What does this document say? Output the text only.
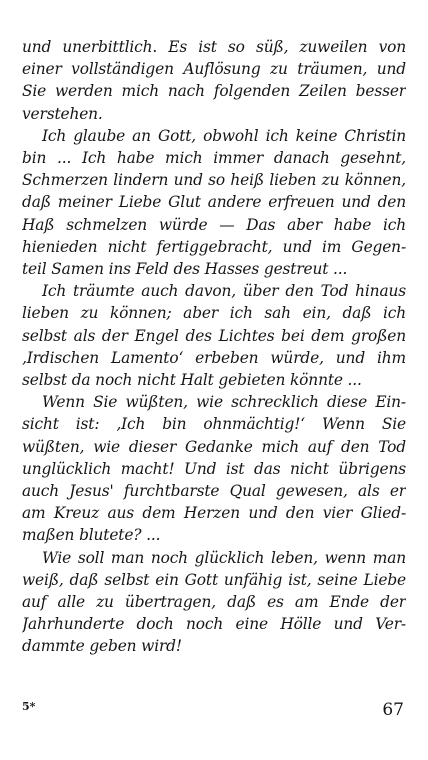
und unerbittlich. Es ist so süß, zuweilen von
einer vollständigen Auflösung zu träumen, und
Sie werden mich nach folgenden Zeilen besser
verstehen.

Ich glaube an Gott, obwohl ich keine Christin
bin ... Ich habe mich immer danach gesehnt,
Schmerzen lindern und so heiß lieben zu können,
daß meiner Liebe Glut andere erfreuen und den
Haß schmelzen würde — Das aber habe ich
hienieden nicht fertiggebracht, und im Gegen-
teil Samen ins Feld des Hasses gestreut ...

Ich träumte auch davon, über den Tod hinaus
lieben zu können; aber ich sah ein, daß ich
selbst als der Engel des Lichtes bei dem großen
‚Irdischen Lamento‘ erbeben würde, und ihm
selbst da noch nicht Halt gebieten könnte ...

Wenn Sie wüßten, wie schrecklich diese Ein-
sicht ist: ‚Ich bin ohnmächtig!‘ Wenn Sie
wüßten, wie dieser Gedanke mich auf den Tod
unglücklich macht! Und ist das nicht übrigens
auch Jesus' furchtbarste Qual gewesen, als er
am Kreuz aus dem Herzen und den vier Glied-
maßen blutete? ...

Wie soll man noch glücklich leben, wenn man
weiß, daß selbst ein Gott unfähig ist, seine Liebe
auf alle zu übertragen, daß es am Ende der
Jahrhunderte doch noch eine Hölle und Ver-
dammte geben wird!

5*	67
